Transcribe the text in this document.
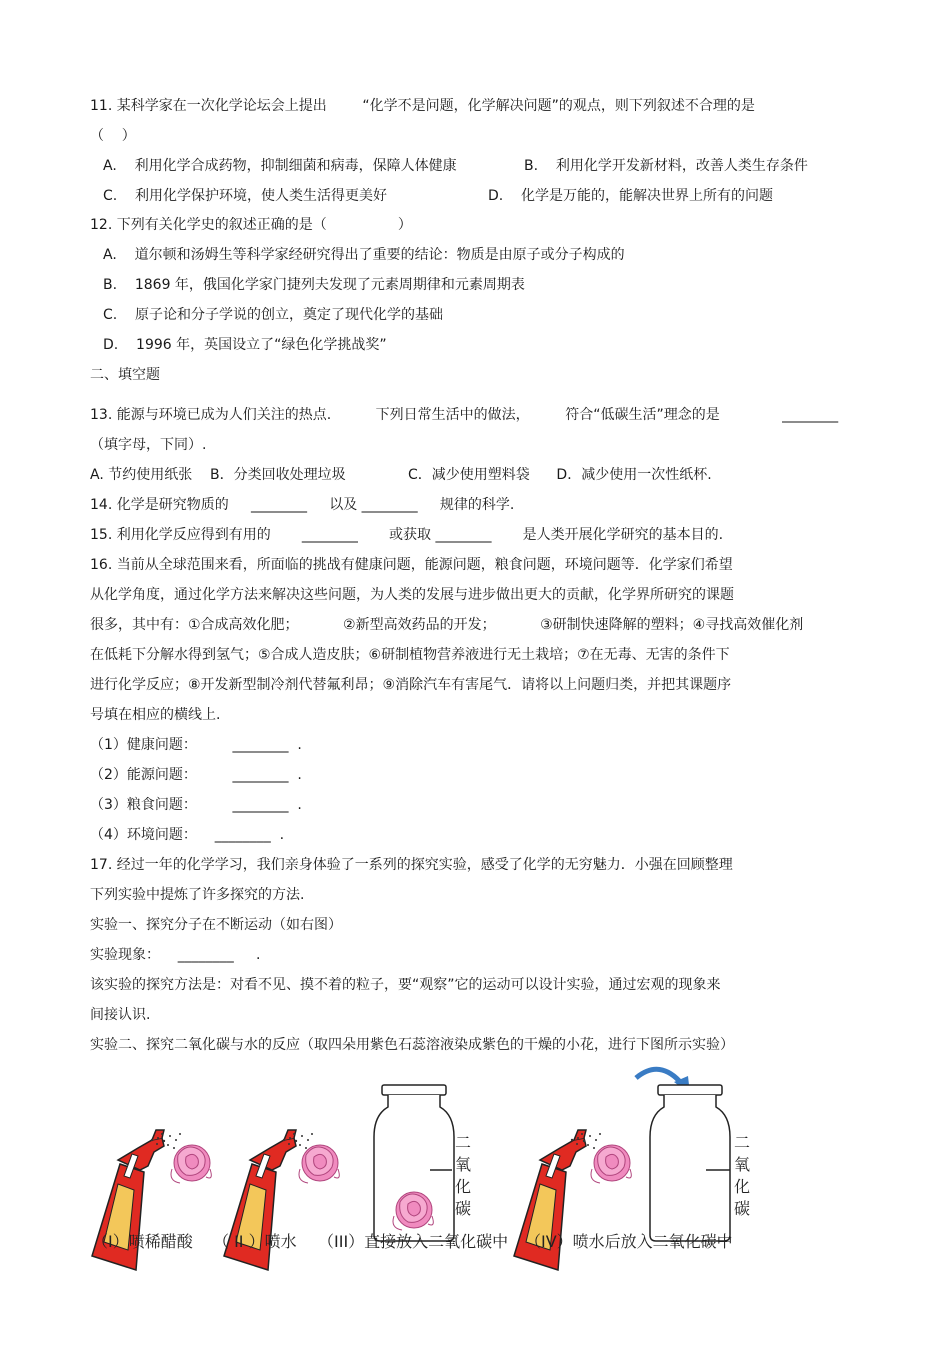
11. 某科学家在一次化学论坛会上提出        “化学不是问题，化学解决问题”的观点，则下列叙述不合理的是
（    ）
A.    利用化学合成药物，抑制细菌和病毒，保障人体健康	B.    利用化学开发新材料，改善人类生存条件
C.    利用化学保护环境，使人类生活得更美好	D.    化学是万能的，能解决世界上所有的问题
12. 下列有关化学史的叙述正确的是（                ）
A.    道尔顿和汤姆生等科学家经研究得出了重要的结论：物质是由原子或分子构成的
B.    1869 年，俄国化学家门捷列夫发现了元素周期律和元素周期表
C.    原子论和分子学说的创立，奠定了现代化学的基础
D.    1996 年，英国设立了“绿色化学挑战奖”
二、填空题
13. 能源与环境已成为人们关注的热点.          下列日常生活中的做法，        符合“低碳生活”理念的是              ________
（填字母，下同）.
A. 节约使用纸张    B．分类回收处理垃圾              C．减少使用塑料袋      D．减少使用一次性纸杯.
14. 化学是研究物质的     ________     以及 ________     规律的科学.
15. 利用化学反应得到有用的       ________       或获取 ________       是人类开展化学研究的基本目的.
16. 当前从全球范围来看，所面临的挑战有健康问题，能源问题，粮食问题，环境问题等．化学家们希望
从化学角度，通过化学方法来解决这些问题，为人类的发展与进步做出更大的贡献，化学界所研究的课题
很多，其中有：①合成高效化肥；          ②新型高效药品的开发；          ③研制快速降解的塑料；④寻找高效催化剂
在低耗下分解水得到氢气；⑤合成人造皮肤；⑥研制植物营养液进行无土栽培；⑦在无毒、无害的条件下
进行化学反应；⑧开发新型制冷剂代替氟利昂；⑨消除汽车有害尾气．请将以上问题归类，并把其课题序
号填在相应的横线上.
（1）健康问题：        ________  .
（2）能源问题：        ________  .
（3）粮食问题：        ________  .
（4）环境问题：    ________  .
17. 经过一年的化学学习，我们亲身体验了一系列的探究实验，感受了化学的无穷魅力．小强在回顾整理
下列实验中提炼了许多探究的方法.
实验一、探究分子在不断运动（如右图）
实验现象：    ________     .
该实验的探究方法是：对看不见、摸不着的粒子，要“观察”它的运动可以设计实验，通过宏观的现象来
间接认识.
实验二、探究二氧化碳与水的反应（取四朵用紫色石蕊溶液染成紫色的干燥的小花，进行下图所示实验）
二
氧
化
碳
二
氧
化
碳
（I）喷稀醋酸 （ II ）喷水 （III）直接放入二氧化碳中 （IV）喷水后放入二氧化碳中
